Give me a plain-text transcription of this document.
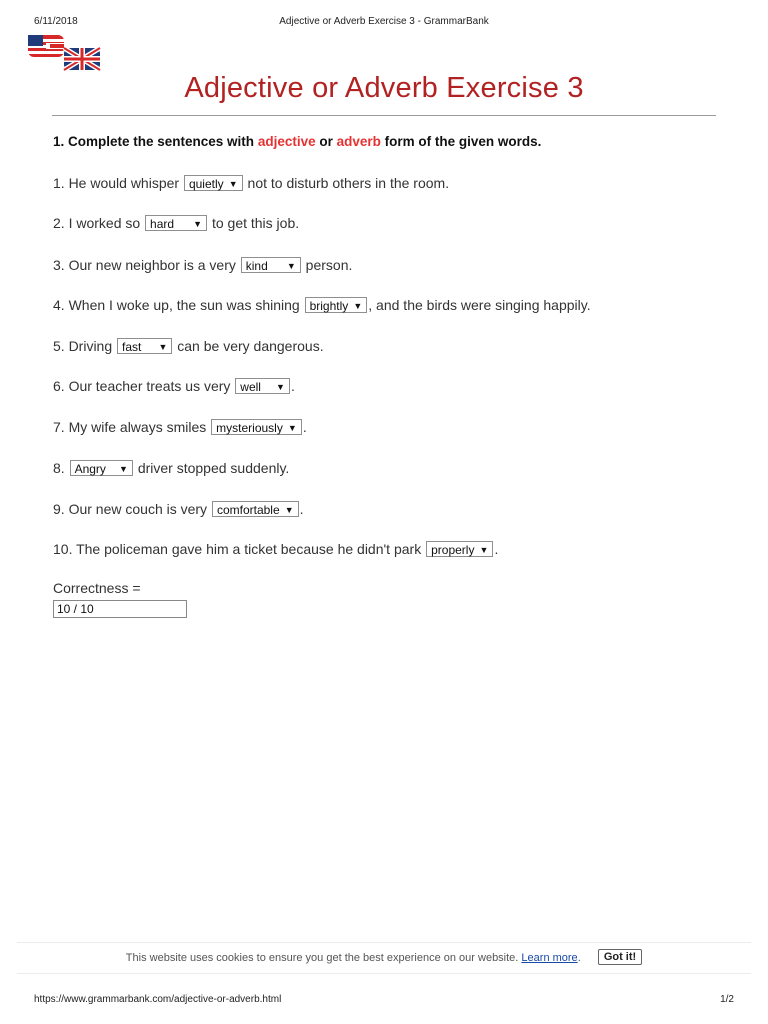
6/11/2018	Adjective or Adverb Exercise 3 - GrammarBank
Adjective or Adverb Exercise 3
1. Complete the sentences with adjective or adverb form of the given words.
1. He would whisper quietly ▼ not to disturb others in the room.
2. I worked so hard ▼ to get this job.
3. Our new neighbor is a very kind ▼ person.
4. When I woke up, the sun was shining brightly ▼ , and the birds were singing happily.
5. Driving fast ▼ can be very dangerous.
6. Our teacher treats us very well ▼ .
7. My wife always smiles mysteriously ▼ .
8. Angry ▼ driver stopped suddenly.
9. Our new couch is very comfortable ▼ .
10. The policeman gave him a ticket because he didn't park properly ▼ .
Correctness =
10 / 10
This website uses cookies to ensure you get the best experience on our website. Learn more. Got it!
https://www.grammarbank.com/adjective-or-adverb.html	1/2
